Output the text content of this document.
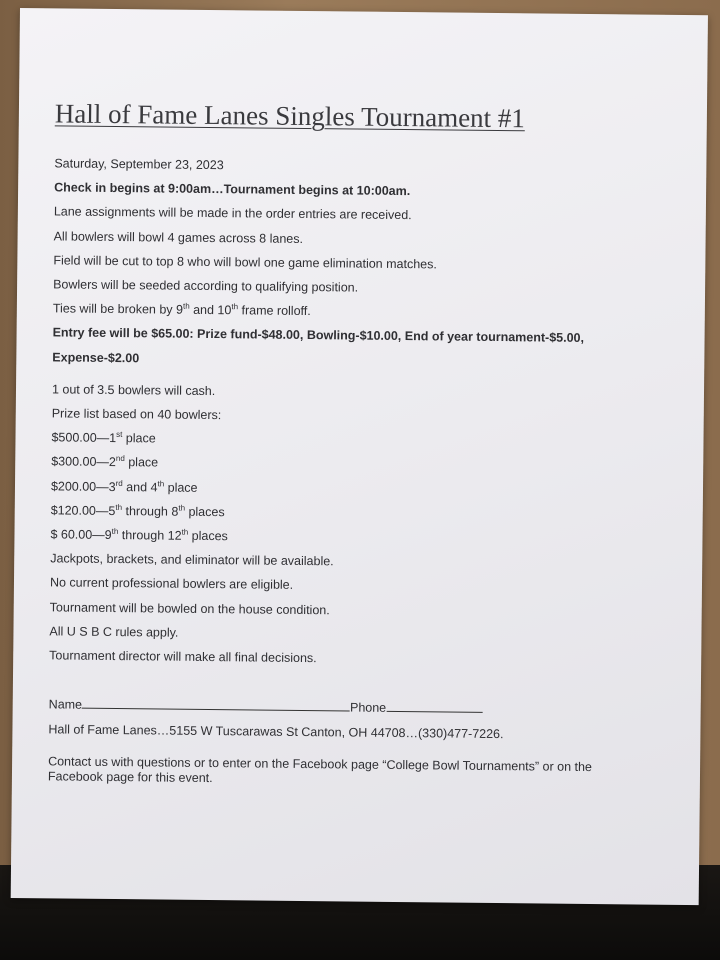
Hall of Fame Lanes Singles Tournament #1

Saturday, September 23, 2023

Check in begins at 9:00am…Tournament begins at 10:00am.

Lane assignments will be made in the order entries are received.

All bowlers will bowl 4 games across 8 lanes.

Field will be cut to top 8 who will bowl one game elimination matches.

Bowlers will be seeded according to qualifying position.

Ties will be broken by 9th and 10th frame rolloff.

Entry fee will be $65.00: Prize fund-$48.00, Bowling-$10.00, End of year tournament-$5.00, Expense-$2.00

1 out of 3.5 bowlers will cash.

Prize list based on 40 bowlers:

$500.00—1st place

$300.00—2nd place

$200.00—3rd and 4th place

$120.00—5th through 8th places

$ 60.00—9th through 12th places

Jackpots, brackets, and eliminator will be available.

No current professional bowlers are eligible.

Tournament will be bowled on the house condition.

All U S B C rules apply.

Tournament director will make all final decisions.

Name	Phone

Hall of Fame Lanes…5155 W Tuscarawas St Canton, OH 44708…(330)477-7226.

Contact us with questions or to enter on the Facebook page “College Bowl Tournaments” or on the Facebook page for this event.
